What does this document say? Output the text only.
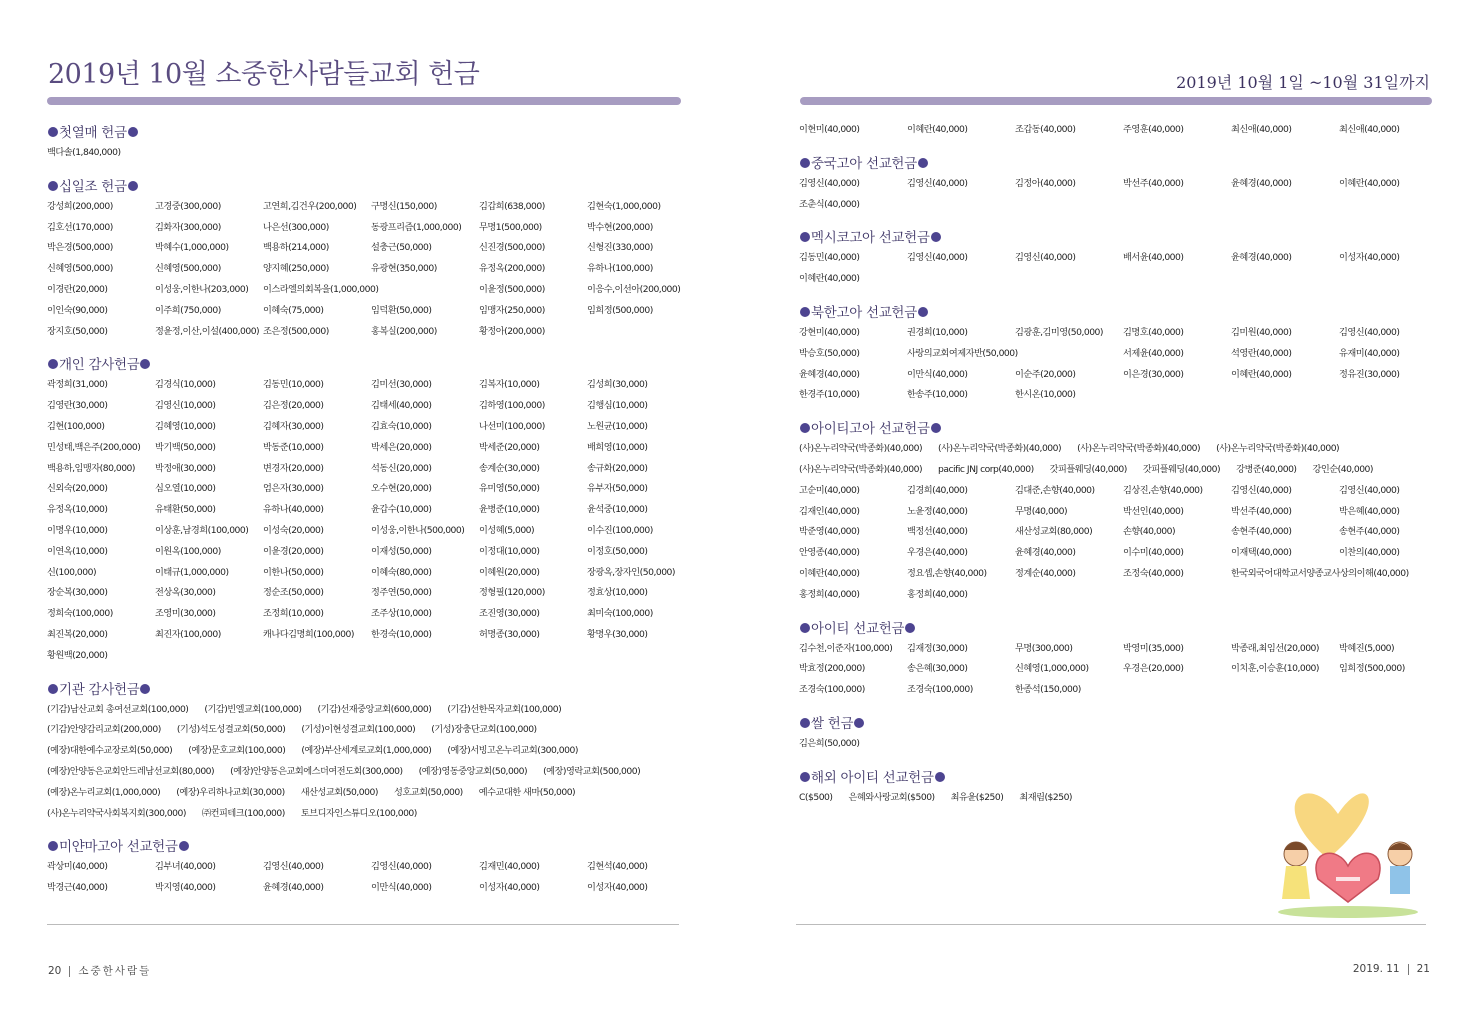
2019년 10월 소중한사람들교회 헌금	2019년 10월 1일 ~10월 31일까지
첫열매 헌금
백다솔(1,840,000)
십일조 헌금
강성희(200,000)	고경중(300,000)	고연희,김건우(200,000)	구명신(150,000)	김갑희(638,000)	김현숙(1,000,000)
김호선(170,000)	김화자(300,000)	나은선(300,000)	동광프리즘(1,000,000)	무명1(500,000)	박수현(200,000)
박은경(500,000)	박혜수(1,000,000)	백용하(214,000)	설충근(50,000)	신진경(500,000)	신형진(330,000)
신혜영(500,000)	신혜영(500,000)	양지혜(250,000)	유광현(350,000)	유정옥(200,000)	유하나(100,000)
이경란(20,000)	이성웅,이한나(203,000)	이스라엘의회복을(1,000,000)	이윤정(500,000)	이응수,이선아(200,000)
이인숙(90,000)	이주희(750,000)	이혜숙(75,000)	임덕환(50,000)	임맹자(250,000)	임희정(500,000)
장지호(50,000)	정윤정,이산,이설(400,000) 조은정(500,000)	홍복실(200,000)	황정아(200,000)
개인 감사헌금
곽정희(31,000)	김경식(10,000)	김동민(10,000)	김미선(30,000)	김복자(10,000)	김성희(30,000)
김영란(30,000)	김영신(10,000)	김은정(20,000)	김태세(40,000)	김하영(100,000)	김행심(10,000)
김현(100,000)	김혜영(10,000)	김혜자(30,000)	김효숙(10,000)	나선미(100,000)	노원균(10,000)
민성태,백은주(200,000)	박기백(50,000)	박동준(10,000)	박세은(20,000)	박세준(20,000)	배희영(10,000)
백용하,임맹자(80,000)	박정애(30,000)	변경자(20,000)	석동신(20,000)	송계순(30,000)	송규화(20,000)
신외숙(20,000)	심오열(10,000)	엄은자(30,000)	오수현(20,000)	유미영(50,000)	유부자(50,000)
유정옥(10,000)	유태환(50,000)	유하나(40,000)	윤갑수(10,000)	윤병준(10,000)	윤석중(10,000)
이명우(10,000)	이상훈,남경희(100,000)	이성숙(20,000)	이성웅,이한나(500,000)	이성혜(5,000)	이수진(100,000)
이연옥(10,000)	이원옥(100,000)	이윤경(20,000)	이재성(50,000)	이정대(10,000)	이정호(50,000)
신(100,000)	이태규(1,000,000)	이한나(50,000)	이혜숙(80,000)	이혜원(20,000)	장광옥,장자인(50,000)
장순복(30,000)	전상옥(30,000)	정순조(50,000)	정주연(50,000)	정형필(120,000)	정효상(10,000)
정희숙(100,000)	조영미(30,000)	조정희(10,000)	조주상(10,000)	조진영(30,000)	최미숙(100,000)
최진복(20,000)	최진자(100,000)	캐나다김명희(100,000)	한경숙(10,000)	허명종(30,000)	황명우(30,000)
황원백(20,000)
기관 감사헌금
(기감)남산교회 총여선교회(100,000) (기감)빈엘교회(100,000) (기감)선재중앙교회(600,000) (기감)선한목자교회(100,000)
(기감)안양감리교회(200,000) (기성)석도성결교회(50,000) (기성)이현성결교회(100,000) (기성)장충단교회(100,000)
(예장)대한예수교장로회(50,000) (예장)문호교회(100,000) (예장)부산세계로교회(1,000,000) (예장)서빙고온누리교회(300,000)
(예장)안양동은교회안드레남선교회(80,000) (예장)안양동은교회에스더여전도회(300,000) (예장)영동중앙교회(50,000) (예장)영락교회(500,000)
(예장)온누리교회(1,000,000) (예장)우리하나교회(30,000) 새산성교회(50,000) 성호교회(50,000) 예수교대한 새마(50,000)
(사)온누리약국사회복지회(300,000) ㈜컨피테크(100,000) 토브디자인스튜디오(100,000)
미얀마고아 선교헌금
곽상미(40,000)	김부녀(40,000)	김영신(40,000)	김영신(40,000)	김재민(40,000)	김현석(40,000)
박경근(40,000)	박지영(40,000)	윤혜경(40,000)	이만식(40,000)	이성자(40,000)	이성자(40,000)
이현미(40,000)	이혜란(40,000)	조갑동(40,000)	주영훈(40,000)	최신애(40,000)	최신애(40,000)
중국고아 선교헌금
김영신(40,000)	김영신(40,000)	김정아(40,000)	박선주(40,000)	윤혜경(40,000)	이혜란(40,000)
조춘식(40,000)
멕시코고아 선교헌금
김동민(40,000)	김영신(40,000)	김영신(40,000)	배서윤(40,000)	윤혜경(40,000)	이성자(40,000)
이혜란(40,000)
북한고아 선교헌금
강현미(40,000)	권경희(10,000)	김광훈,김미영(50,000)	김명호(40,000)	김미원(40,000)	김영신(40,000)
박승호(50,000)	사랑의교회여제자반(50,000)	서제윤(40,000)	석영란(40,000)	유재미(40,000)
윤혜경(40,000)	이만식(40,000)	이순주(20,000)	이은경(30,000)	이혜란(40,000)	정유진(30,000)
한경주(10,000)	한송주(10,000)	한시온(10,000)
아이티고아 선교헌금
(사)온누리약국(박종화)(40,000) (사)온누리약국(박종화)(40,000) (사)온누리약국(박종화)(40,000) (사)온누리약국(박종화)(40,000)
(사)온누리약국(박종화)(40,000) pacific JNJ corp(40,000) 갓피플웨딩(40,000) 갓피플웨딩(40,000) 강병준(40,000) 강인순(40,000)
고순미(40,000)	김경희(40,000)	김대준,손향(40,000)	김상진,손향(40,000)	김영신(40,000)	김영신(40,000)
김재인(40,000)	노윤정(40,000)	무명(40,000)	박선인(40,000)	박선주(40,000)	박은혜(40,000)
박준영(40,000)	백정선(40,000)	새산성교회(80,000)	손향(40,000)	송현주(40,000)	송현주(40,000)
안영종(40,000)	우경은(40,000)	윤혜경(40,000)	이수미(40,000)	이재택(40,000)	이찬의(40,000)
이혜란(40,000)	정요셉,손향(40,000)	정계순(40,000)	조정숙(40,000)	한국외국어대학교서양종교사상의이해(40,000)
홍정희(40,000)	홍정희(40,000)
아이티 선교헌금
김수천,이준자(100,000)	김재정(30,000)	무명(300,000)	박영미(35,000)	박종래,최임선(20,000)	박혜진(5,000)
박효정(200,000)	송은혜(30,000)	신혜영(1,000,000)	우경은(20,000)	이치훈,이승훈(10,000)	임희정(500,000)
조경숙(100,000)	조경숙(100,000)	한종석(150,000)
쌀 헌금
김은희(50,000)
해외 아이티 선교헌금
C($500) 은혜와사랑교회($500) 최유윤($250) 최재림($250)
20 소중한사람들	2019. 11 21
